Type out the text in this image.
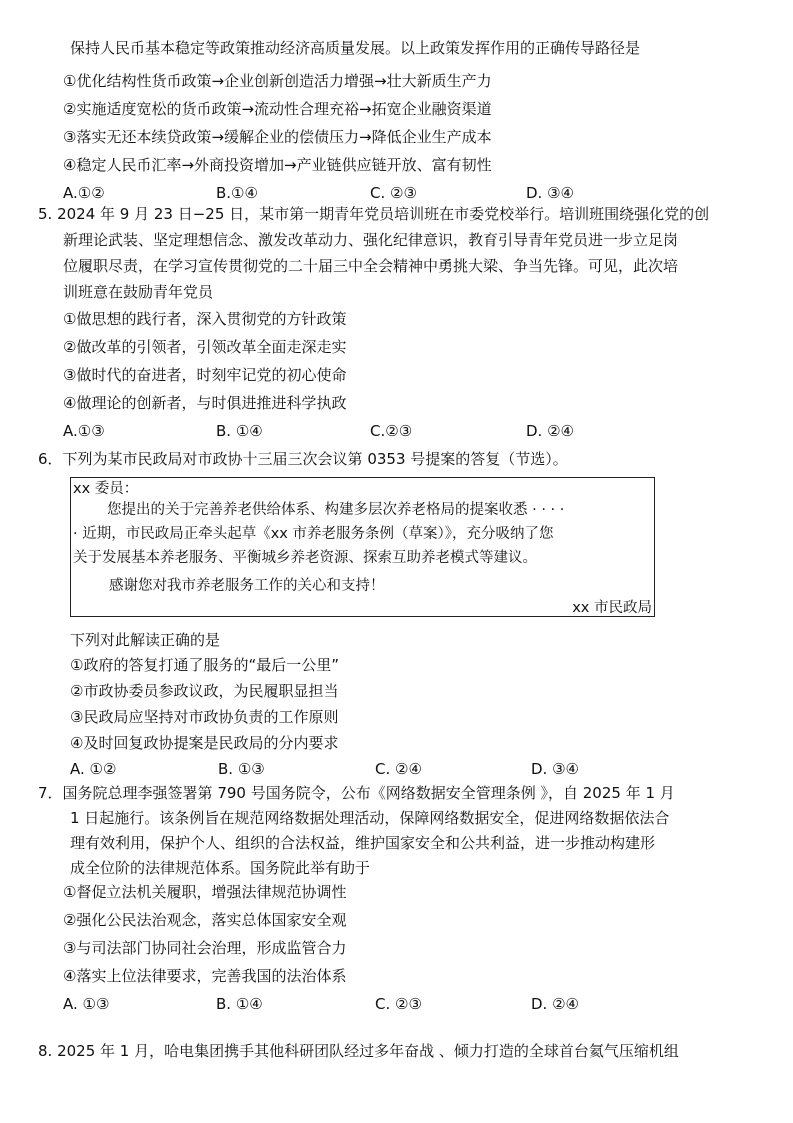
保持人民币基本稳定等政策推动经济高质量发展。以上政策发挥作用的正确传导路径是
①优化结构性货币政策→企业创新创造活力增强→壮大新质生产力
②实施适度宽松的货币政策→流动性合理充裕→拓宽企业融资渠道
③落实无还本续贷政策→缓解企业的偿债压力→降低企业生产成本
④稳定人民币汇率→外商投资增加→产业链供应链开放、富有韧性
A.①②	B.①④	C. ②③	D. ③④
5. 2024 年 9 月 23 日−25 日，某市第一期青年党员培训班在市委党校举行。培训班围绕强化党的创
新理论武装、坚定理想信念、激发改革动力、强化纪律意识，教育引导青年党员进一步立足岗
位履职尽责，在学习宣传贯彻党的二十届三中全会精神中勇挑大梁、争当先锋。可见，此次培
训班意在鼓励青年党员
①做思想的践行者，深入贯彻党的方针政策
②做改革的引领者，引领改革全面走深走实
③做时代的奋进者，时刻牢记党的初心使命
④做理论的创新者，与时俱进推进科学执政
A.①③	B. ①④	C.②③	D. ②④
6．下列为某市民政局对市政协十三届三次会议第 0353 号提案的答复（节选）。
xx 委员：
您提出的关于完善养老供给体系、构建多层次养老格局的提案收悉 · · · ·
· 近期，市民政局正牵头起草《xx 市养老服务条例（草案）》，充分吸纳了您
关于发展基本养老服务、平衡城乡养老资源、探索互助养老模式等建议。
感谢您对我市养老服务工作的关心和支持！
xx 市民政局
下列对此解读正确的是
①政府的答复打通了服务的“最后一公里”
②市政协委员参政议政，为民履职显担当
③民政局应坚持对市政协负责的工作原则
④及时回复政协提案是民政局的分内要求
A. ①②	B. ①③	C. ②④	D. ③④
7．国务院总理李强签署第 790 号国务院令，公布《网络数据安全管理条例 》，自 2025 年 1 月
1 日起施行。该条例旨在规范网络数据处理活动，保障网络数据安全，促进网络数据依法合
理有效利用，保护个人、组织的合法权益，维护国家安全和公共利益，进一步推动构建形
成全位阶的法律规范体系。国务院此举有助于
①督促立法机关履职，增强法律规范协调性
②强化公民法治观念，落实总体国家安全观
③与司法部门协同社会治理，形成监管合力
④落实上位法律要求，完善我国的法治体系
A. ①③	B. ①④	C. ②③	D. ②④
8. 2025 年 1 月，哈电集团携手其他科研团队经过多年奋战 、倾力打造的全球首台氦气压缩机组
